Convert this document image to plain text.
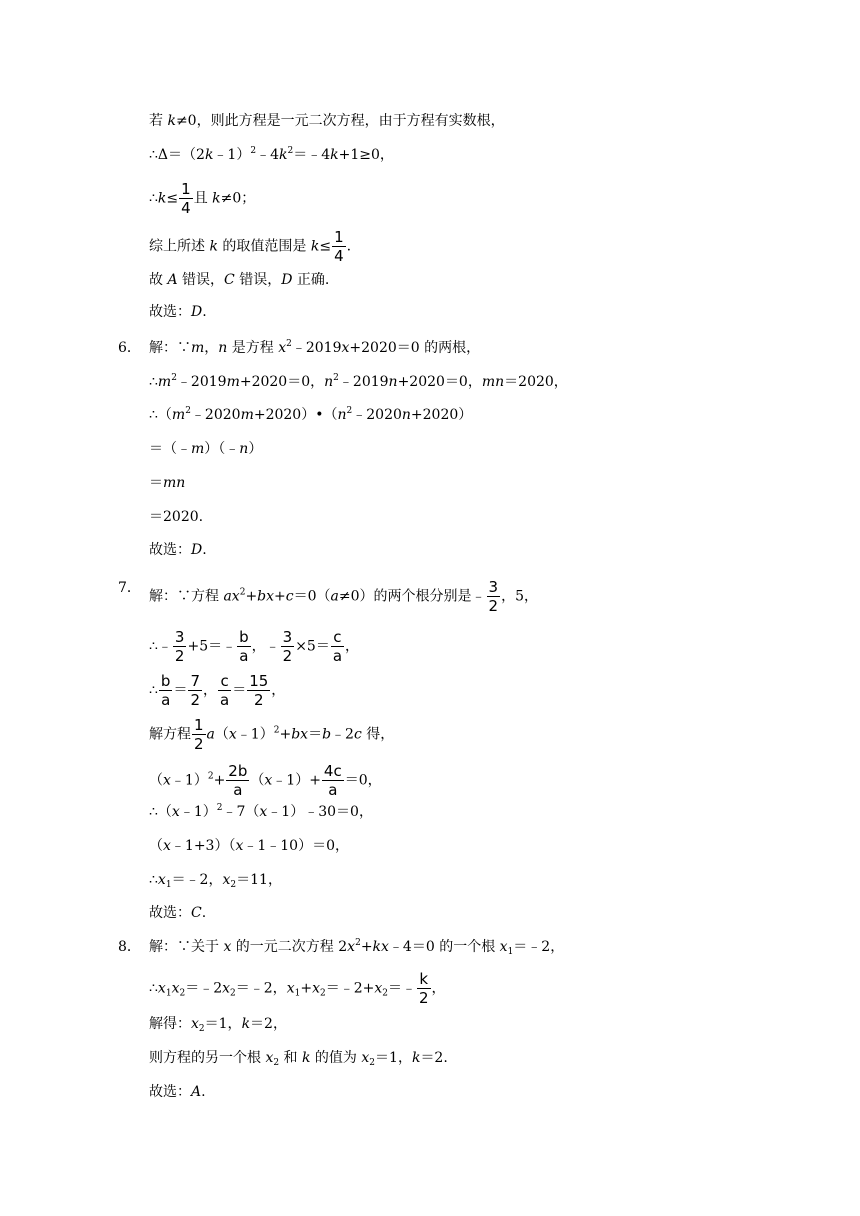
若 k≠0，则此方程是一元二次方程，由于方程有实数根，
$\therefore\Delta=(2k﹣1)^2﹣4k^2=﹣4k+1\ge 0$，
∴k≤ $\frac{1}{4}$ 且 k≠0；
综上所述 k 的取值范围是 $k\le \frac{1}{4}$ .
故 A 错误，C 错误，D 正确.
故选：D.
6． 解：∵m，n 是方程 $x^2﹣2019x+2020=0$ 的两根，
$\therefore m^2﹣2019m+2020=0$，$n^2﹣2019n+2020=0$，mn＝2020，
$\therefore(m^2﹣2020m+2020)•(n^2﹣2020n+2020)$
＝（﹣m）（﹣n）
＝mn
＝2020.
故选：D.
7．
解：∵方程 $ax^2+bx+c=0(a\ne 0)$的两个根分别是﹣ $\frac{3}{2}$ ，5，
∴﹣ $\frac{3}{2}$ +5＝﹣ $\frac{b}{a}$ ，﹣ $\frac{3}{2} \times 5= \frac{c}{a}$ ，
∴ $\frac{b}{a} = \frac{7}{2}$ ， $\frac{c}{a} = \frac{15}{2}$ ，
解方程 $\frac{1}{2}$ a（x﹣1）$^2$+bx＝b﹣2c 得，
（x﹣1）$^2$+ $\frac{2b}{a}$ （x﹣1）+ $\frac{4c}{a} =0$，
∴（x﹣1）$^2$﹣7（x﹣1）﹣30＝0，
（x﹣1+3）（x﹣1﹣10）＝0，
$\therefore x_1=﹣2$，$x_2=11$，
故选：C.
8． 解：∵关于 x 的一元二次方程 $2x^2+kx﹣4=0$ 的一个根 $x_1=﹣2$，
$\therefore x_1x_2=﹣2x_2=﹣2$，$x_1+x_2=﹣2+x_2=﹣ \frac{k}{2}$ ，
解得：$x_2=1$，k＝2，
则方程的另一个根 $x_2$ 和 k 的值为 $x_2=1$，k＝2.
故选：A.
